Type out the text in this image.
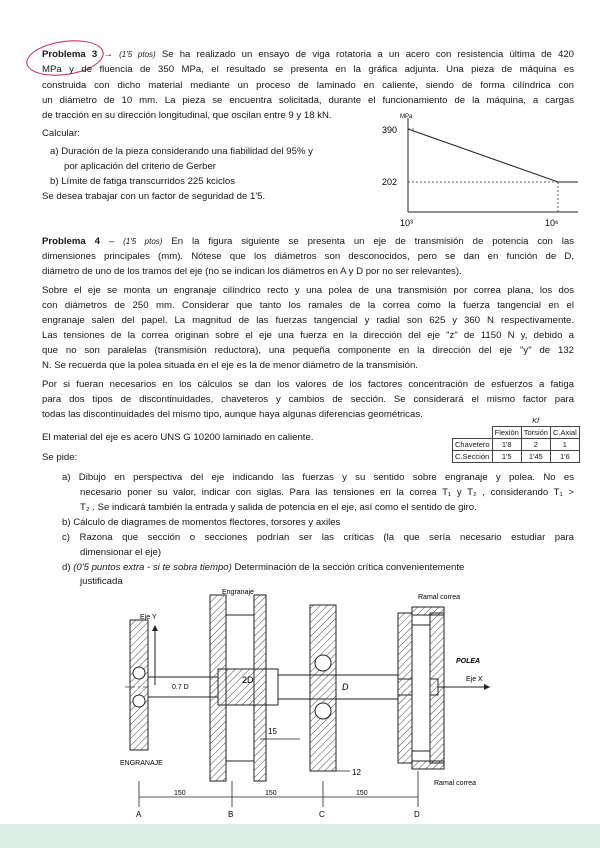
Problema 3 → (1'5 ptos) Se ha realizado un ensayo de viga rotatoria a un acero con resistencia última de 420
MPa y de fluencia de 350 MPa, el resultado se presenta en la gráfica adjunta. Una pieza de máquina es
construida con dicho material mediante un proceso de laminado en caliente, siendo de forma cilíndrica con
un diámetro de 10 mm. La pieza se encuentra solicitada, durante el funcionamiento de la máquina, a cargas
de tracción en su dirección longitudinal, que oscilan entre 9 y 18 kN.
Calcular:
a) Duración de la pieza considerando una fiabilidad del 95% y
por aplicación del criterio de Gerber
b) Límite de fatiga transcurridos 225 kciclos
Se desea trabajar con un factor de seguridad de 1'5.
MPa
390
202
10³	10⁶
Problema 4 – (1'5 ptos) En la figura siguiente se presenta un eje de transmisión de potencia con las
dimensiones principales (mm). Nótese que los diámetros son desconocidos, pero se dan en función de D,
diámetro de uno de los tramos del eje (no se indican los diámetros en A y D por no ser relevantes).
Sobre el eje se monta un engranaje cilíndrico recto y una polea de una transmisión por correa plana, los dos
con diámetros de 250 mm. Considerar que tanto los ramales de la correa como la fuerza tangencial en el
engranaje salen del papel. La magnitud de las fuerzas tangencial y radial son 625 y 360 N respectivamente.
Las tensiones de la correa originan sobre el eje una fuerza en la dirección del eje "z" de 1150 N y, debido a
que no son paralelas (transmisión reductora), una pequeña componente en la dirección del eje "y" de 132
N. Se recuerda que la polea situada en el eje es la de menor diámetro de la transmisión.
Por si fueran necesarios en los cálculos se dan los valores de los factores concentración de esfuerzos a fatiga
para dos tipos de discontinuidades, chaveteros y cambios de sección. Se considerará el mismo factor para
todas las discontinuidades del mismo tipo, aunque haya algunas diferencias geométricas.
	Kf		
	Flexión	Torsión	C.Axial
Chavetero	1'8	2	1
C.Sección	1'5	1'45	1'6
El material del eje es acero UNS G 10200 laminado en caliente.
Se pide:
a) Dibujo en perspectiva del eje indicando las fuerzas y su sentido sobre engranaje y polea. No es
necesario poner su valor, indicar con siglas. Para las tensiones en la correa T₁ y T₂ , considerando T₁ >
T₂ . Se indicará también la entrada y salida de potencia en el eje, así como el sentido de giro.
b) Cálculo de diagrames de momentos flectores, torsores y axiles
c) Razona que sección o secciones podrían ser las críticas (la que sería necesario estudiar para
dimensionar el eje)
d) (0'5 puntos extra - si te sobra tiempo) Determinación de la sección crítica convenientemente
justificada
Engranaje
Ramal correa
Eje Y
Eje X
POLEA
ENGRANAJE
0.7 D
2D
D
15
12
150	150	150
Ramal correa
A	B	C	D
